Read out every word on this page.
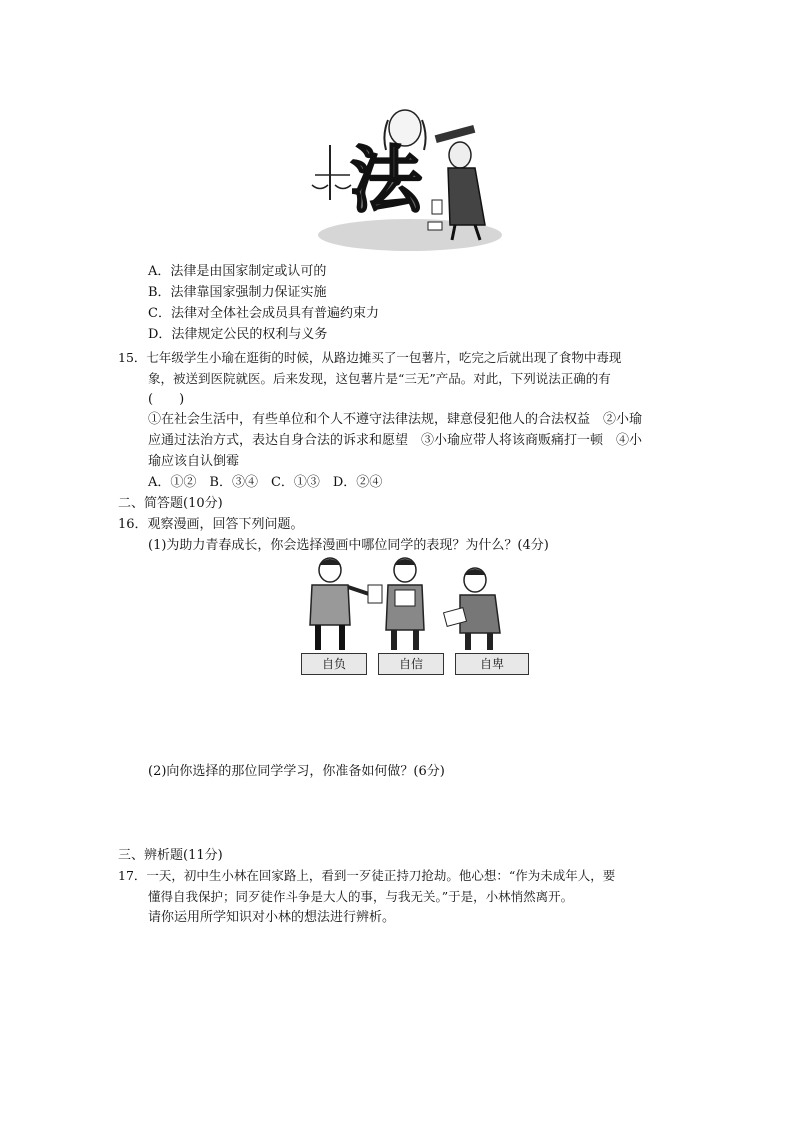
法
A．法律是由国家制定或认可的
B．法律靠国家强制力保证实施
C．法律对全体社会成员具有普遍约束力
D．法律规定公民的权利与义务
15．七年级学生小瑜在逛街的时候，从路边摊买了一包薯片，吃完之后就出现了食物中毒现
象，被送到医院就医。后来发现，这包薯片是“三无”产品。对此，下列说法正确的有
(　　)
①在社会生活中，有些单位和个人不遵守法律法规，肆意侵犯他人的合法权益　②小瑜
应通过法治方式，表达自身合法的诉求和愿望　③小瑜应带人将该商贩痛打一顿　④小
瑜应该自认倒霉
A．①②　B．③④　C．①③　D．②④
二、简答题(10分)
16．观察漫画，回答下列问题。
(1)为助力青春成长，你会选择漫画中哪位同学的表现？为什么？(4分)
自负	自信	自卑
(2)向你选择的那位同学学习，你准备如何做？(6分)
三、辨析题(11分)
17．一天，初中生小林在回家路上，看到一歹徒正持刀抢劫。他心想：“作为未成年人，要
懂得自我保护；同歹徒作斗争是大人的事，与我无关。”于是，小林悄然离开。
请你运用所学知识对小林的想法进行辨析。
